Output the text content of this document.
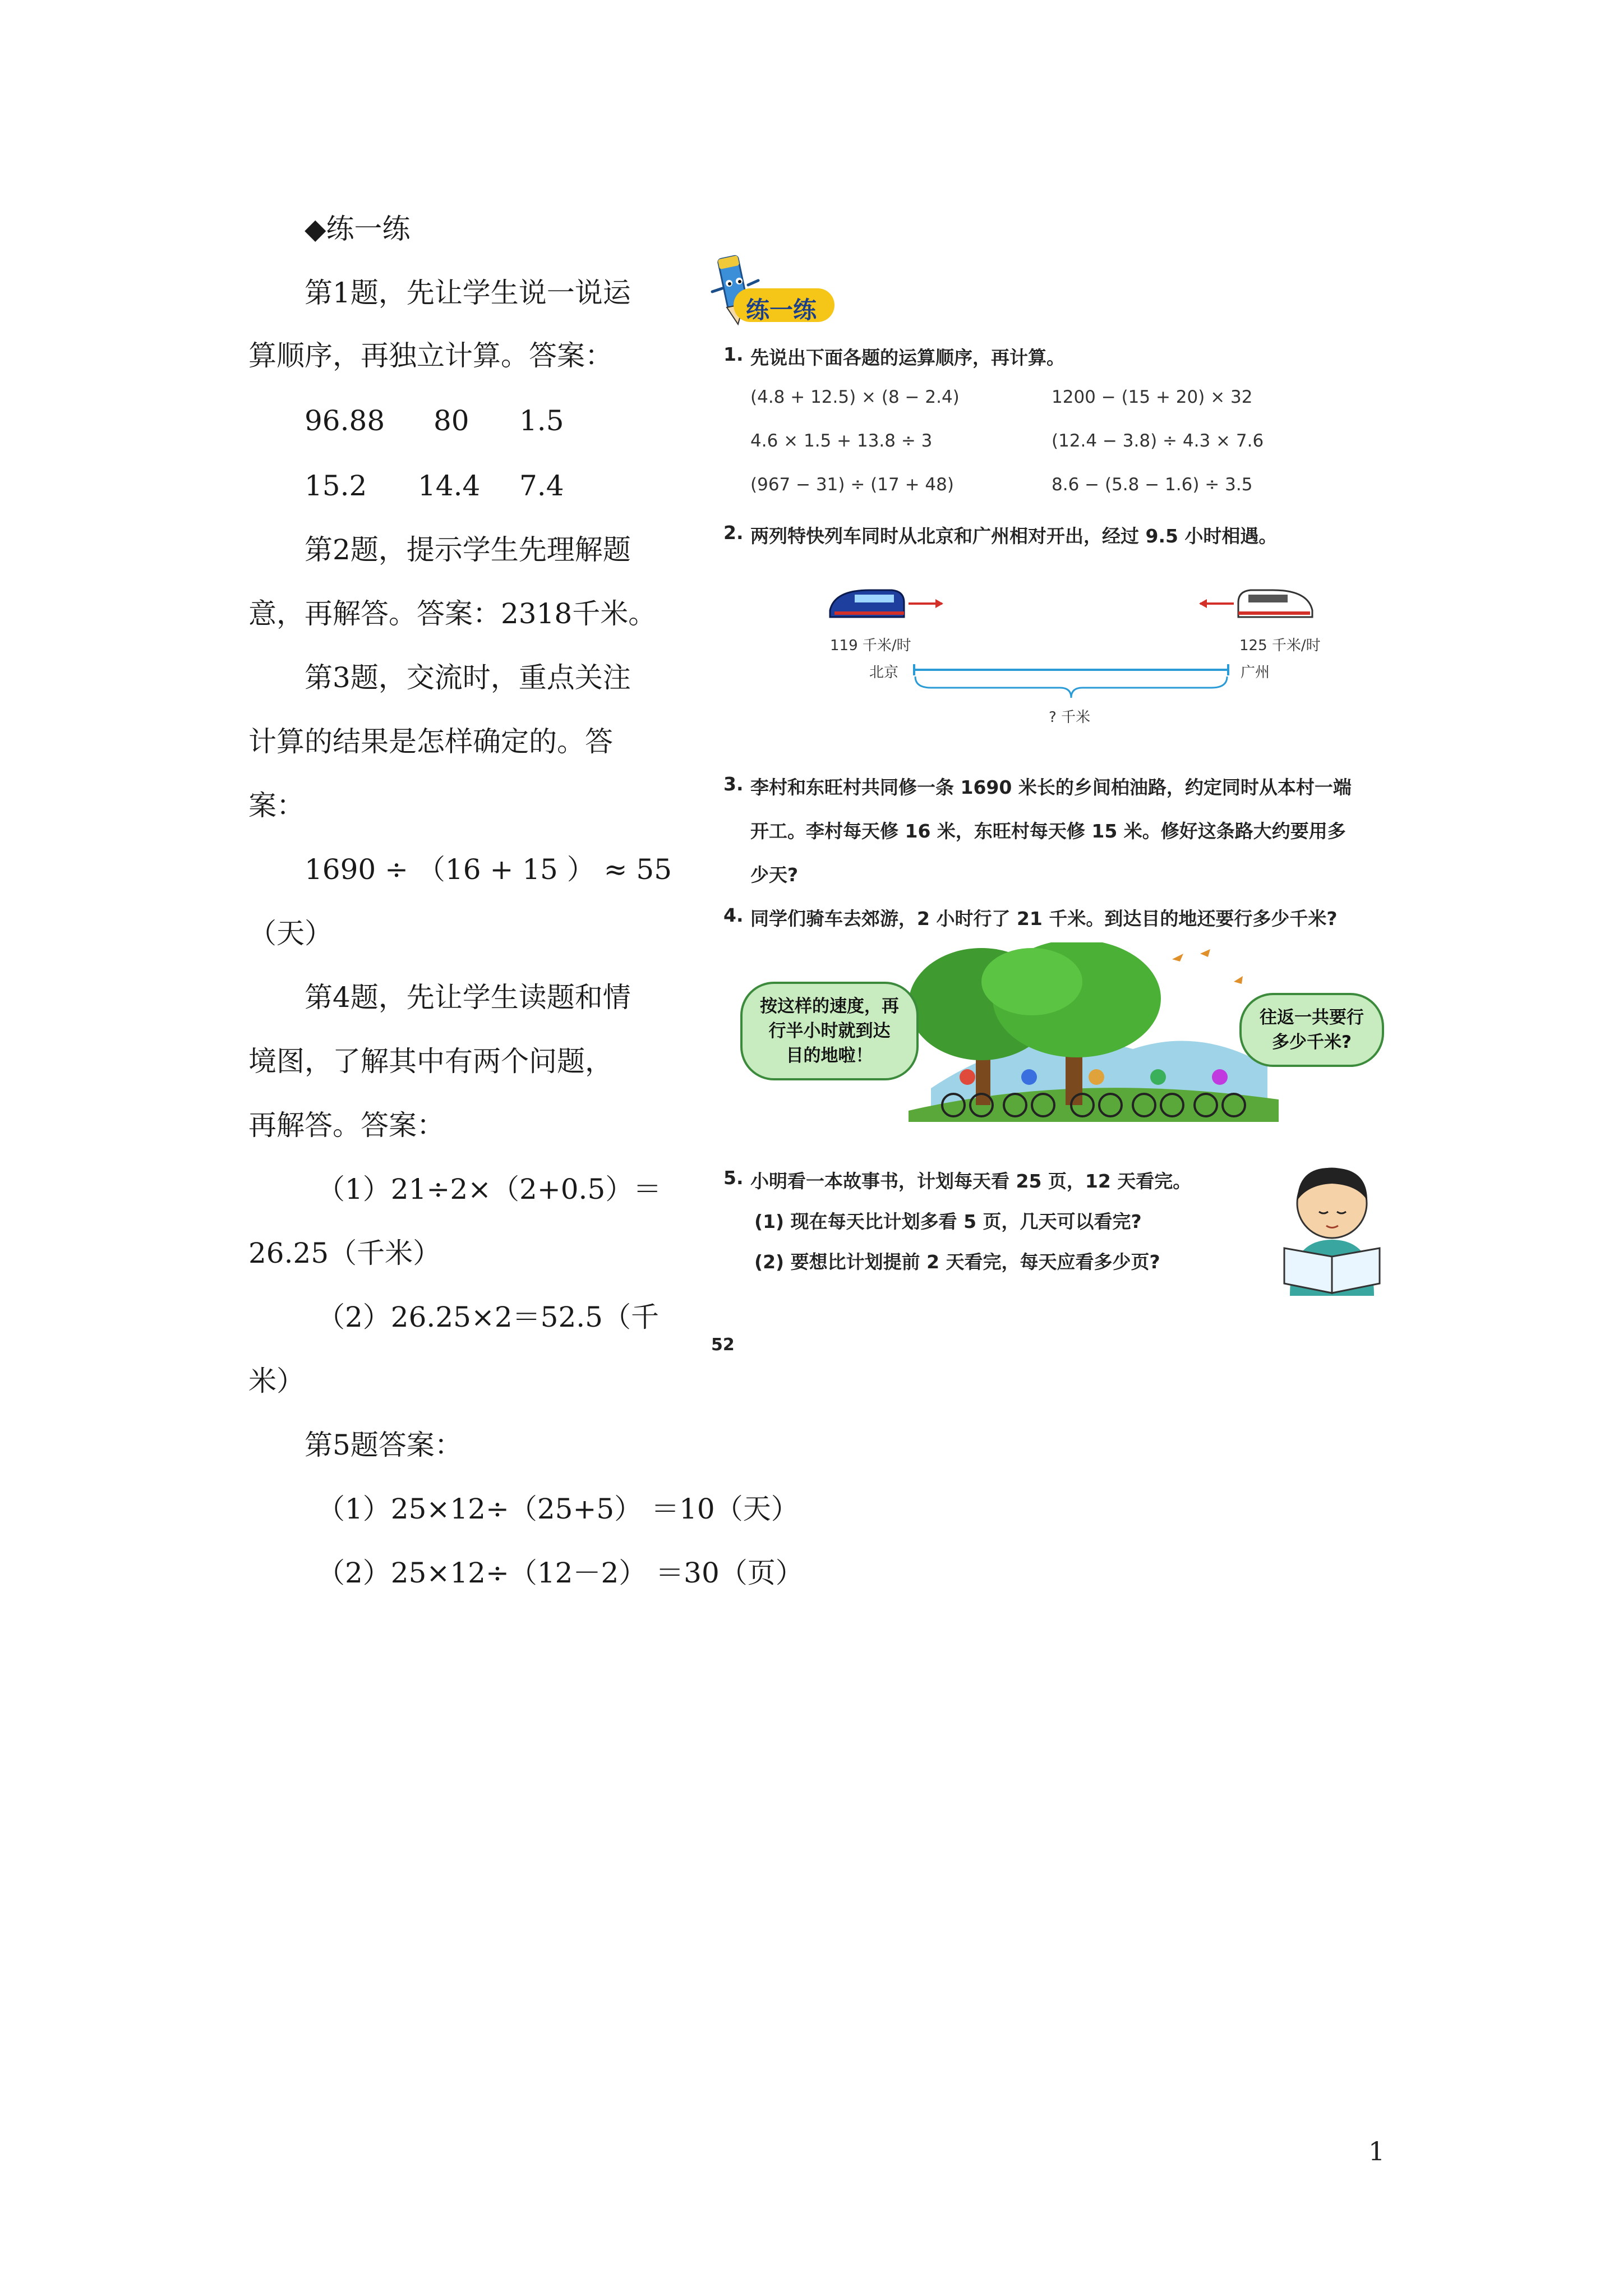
◆练一练
第1题，先让学生说一说运
算顺序，再独立计算。答案：
96.88 80 1.5
15.2 14.4 7.4
第2题，提示学生先理解题
意，再解答。答案：2318千米。
第3题，交流时，重点关注
计算的结果是怎样确定的。答
案：
1690 ÷ （16 + 15 ） ≈ 55
（天）
第4题，先让学生读题和情
境图，了解其中有两个问题，
再解答。答案：
（1）21÷2×（2+0.5）＝
26.25（千米）
（2）26.25×2＝52.5（千
米）
第5题答案：
（1）25×12÷（25+5） ＝10（天）
（2）25×12÷（12－2） ＝30（页）
练一练
1. 先说出下面各题的运算顺序，再计算。
(4.8 + 12.5) × (8 − 2.4)	1200 − (15 + 20) × 32
4.6 × 1.5 + 13.8 ÷ 3	(12.4 − 3.8) ÷ 4.3 × 7.6
(967 − 31) ÷ (17 + 48)	8.6 − (5.8 − 1.6) ÷ 3.5
2. 两列特快列车同时从北京和广州相对开出，经过 9.5 小时相遇。
119 千米/时	125 千米/时
北京	广州
? 千米
3. 李村和东旺村共同修一条 1690 米长的乡间柏油路，约定同时从本村一端
开工。李村每天修 16 米，东旺村每天修 15 米。修好这条路大约要用多
少天?
4. 同学们骑车去郊游，2 小时行了 21 千米。到达目的地还要行多少千米?
按这样的速度，再
行半小时就到达
目的地啦！
往返一共要行
多少千米?
5. 小明看一本故事书，计划每天看 25 页，12 天看完。
(1) 现在每天比计划多看 5 页，几天可以看完?
(2) 要想比计划提前 2 天看完，每天应看多少页?
52
1
